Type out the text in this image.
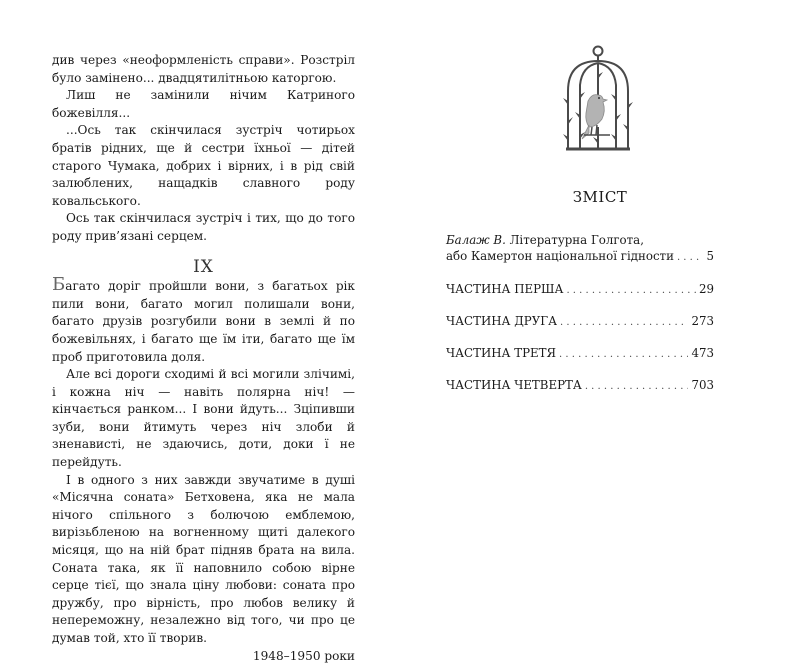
див через «неоформленість справи». Розстріл було замінено... двадцятилітньою каторгою.

Лиш не замінили нічим Катриного божевілля...

...Ось так скінчилася зустріч чотирьох братів рідних, ще й сестри їхньої — дітей старого Чумака, добрих і вірних, і в рід свій залюблених, нащадків славного роду ковальського.

Ось так скінчилася зустріч і тих, що до того роду прив’язані серцем.

IX

Багато доріг пройшли вони, з багатьох рік пили вони, багато могил полишали вони, багато друзів розгубили вони в землі й по божевільнях, і багато ще їм іти, багато ще їм проб приготовила доля.

Але всі дороги сходимі й всі могили злічимі, і кожна ніч — навіть полярна ніч! — кінчається ранком... І вони йдуть... Зціпивши зуби, вони йтимуть через ніч злоби й зненависті, не здаючись, доти, доки ї не перейдуть.

І в одного з них завжди звучатиме в душі «Місячна соната» Бетховена, яка не мала нічого спільного з болючою емблемою, вирізьбленою на вогненному щиті далекого місяця, що на ній брат підняв брата на вила. Соната така, як її наповнило собою вірне серце тієї, що знала ціну любови: соната про дружбу, про вірність, про любов велику й непереможну, незалежно від того, чи про це думав той, хто її творив.

1948–1950 роки

ЗМІСТ
Балаж В. Літературна Голгота,
або Камертон національної гідности . . .	5
ЧАСТИНА ПЕРША . . .	29
ЧАСТИНА ДРУГА . . .	273
ЧАСТИНА ТРЕТЯ . . .	473
ЧАСТИНА ЧЕТВЕРТА . . .	703
